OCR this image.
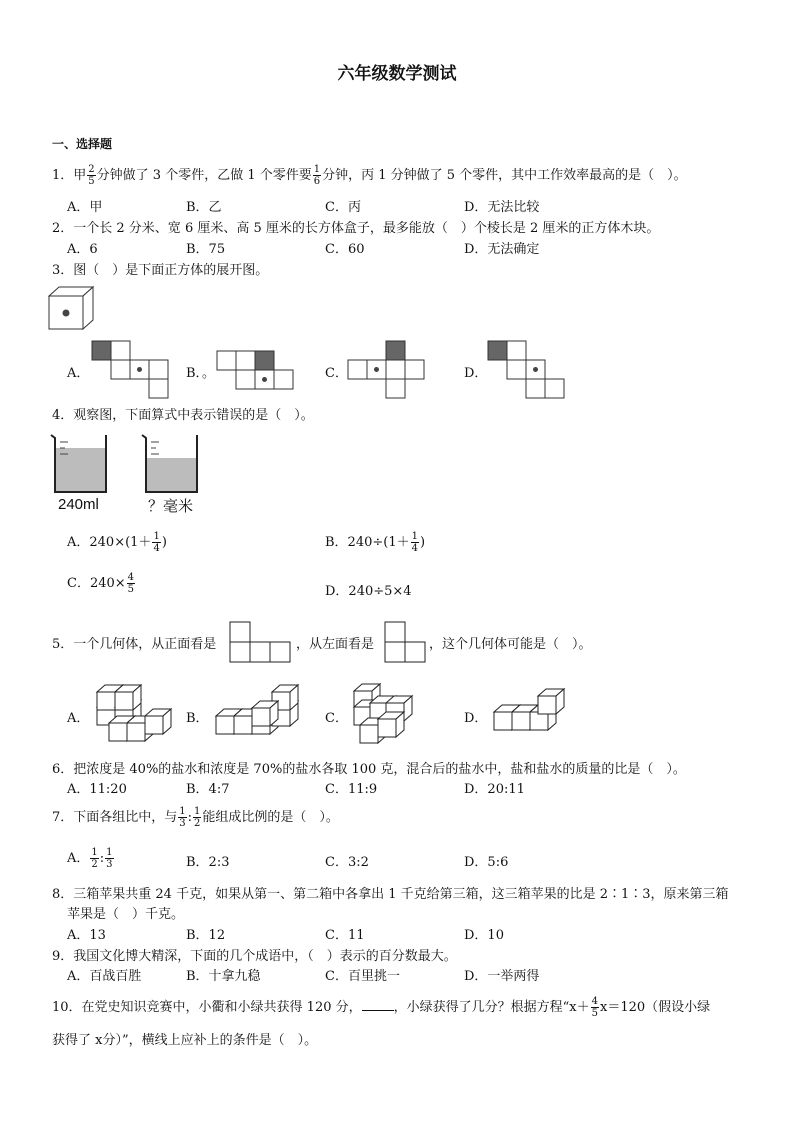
六年级数学测试
一、选择题
1．甲 $\frac{2}{5}$ 分钟做了 3 个零件，乙做 1 个零件要 $\frac{1}{6}$ 分钟，丙 1 分钟做了 5 个零件，其中工作效率最高的是（　）。
A．甲	B．乙	C．丙	D．无法比较
2．一个长 2 分米、宽 6 厘米、高 5 厘米的长方体盒子，最多能放（　）个棱长是 2 厘米的正方体木块。
A．6	B．75	C．60	D．无法确定
3．图（　）是下面正方体的展开图。
A．	B．。	C．	D．
4．观察图，下面算式中表示错误的是（　）。
240ml	？毫米
A．$240\times(1+ \frac{1}{4}$ )	B．$240\div(1+ \frac{1}{4}$ )
C．$240\times \frac{4}{5}$	D．240÷5×4
5．一个几何体，从正面看是	，从左面看是	，这个几何体可能是（　）。
A．	B．	C．	D．
6．把浓度是 40%的盐水和浓度是 70%的盐水各取 100 克，混合后的盐水中，盐和盐水的质量的比是（　）。
A．11:20	B．4:7	C．11:9	D．20:11
7．下面各组比中，与 $\frac{1}{3}$ : $\frac{1}{2}$ 能组成比例的是（　）。
A． $\frac{1}{2}$ : $\frac{1}{3}$	B．2:3	C．3:2	D．5:6
8．三箱苹果共重 24 千克，如果从第一、第二箱中各拿出 1 千克给第三箱，这三箱苹果的比是 2∶1∶3，原来第三箱
苹果是（　）千克。
A．13	B．12	C．11	D．10
9．我国文化博大精深，下面的几个成语中，（　）表示的百分数最大。
A．百战百胜	B．十拿九稳	C．百里挑一	D．一举两得
10．在党史知识竞赛中，小衢和小绿共获得 120 分， ，小绿获得了几分？根据方程“$x+ \frac{4}{5} x=120$（假设小绿
获得了 x分）”，横线上应补上的条件是（　）。
